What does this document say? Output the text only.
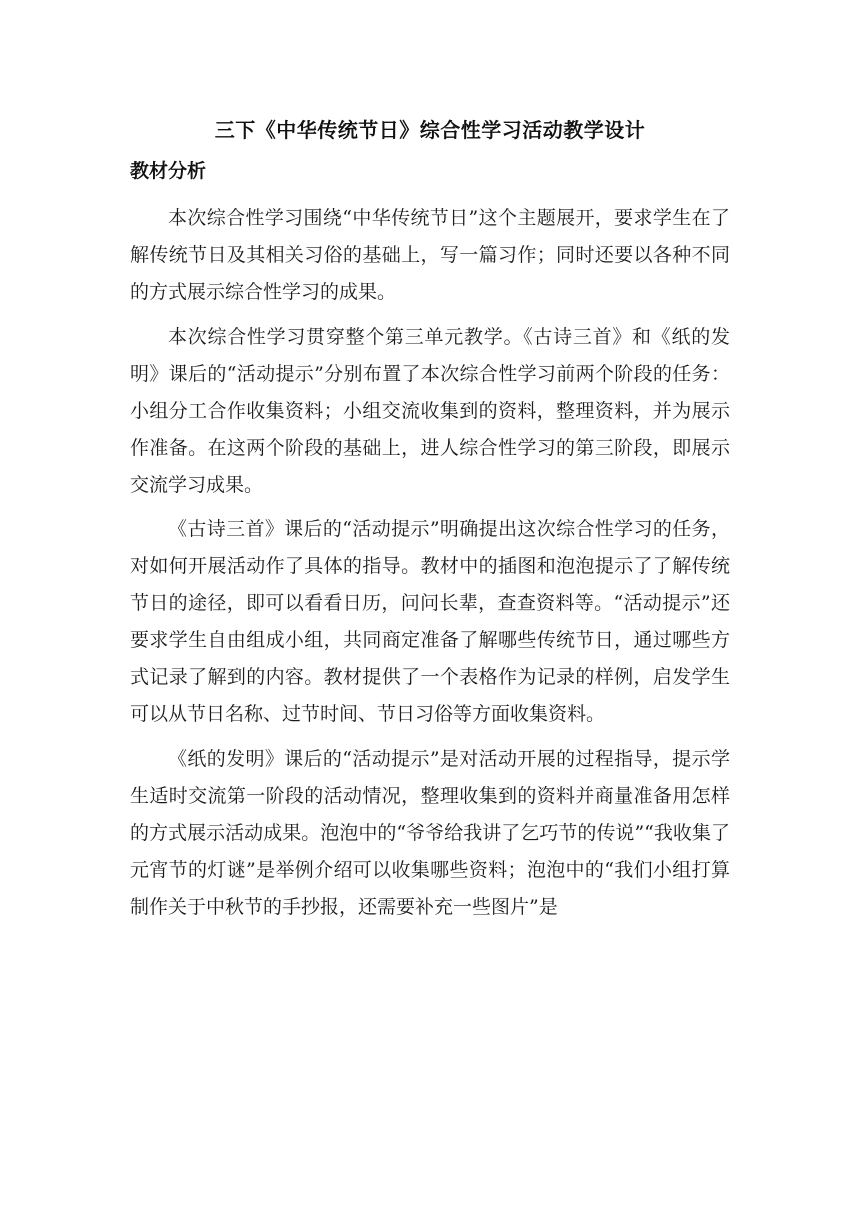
三下《中华传统节日》综合性学习活动教学设计
教材分析

本次综合性学习围绕“中华传统节日”这个主题展开，要求学生在了解传统节日及其相关习俗的基础上，写一篇习作；同时还要以各种不同的方式展示综合性学习的成果。

本次综合性学习贯穿整个第三单元教学。《古诗三首》和《纸的发明》课后的“活动提示”分别布置了本次综合性学习前两个阶段的任务：小组分工合作收集资料；小组交流收集到的资料，整理资料，并为展示作准备。在这两个阶段的基础上，进人综合性学习的第三阶段，即展示交流学习成果。

《古诗三首》课后的“活动提示”明确提出这次综合性学习的任务，对如何开展活动作了具体的指导。教材中的插图和泡泡提示了了解传统节日的途径，即可以看看日历，问问长辈，查查资料等。“活动提示”还要求学生自由组成小组，共同商定准备了解哪些传统节日，通过哪些方式记录了解到的内容。教材提供了一个表格作为记录的样例，启发学生可以从节日名称、过节时间、节日习俗等方面收集资料。

《纸的发明》课后的“活动提示”是对活动开展的过程指导，提示学生适时交流第一阶段的活动情况，整理收集到的资料并商量准备用怎样的方式展示活动成果。泡泡中的“爷爷给我讲了乞巧节的传说”“我收集了元宵节的灯谜”是举例介绍可以收集哪些资料；泡泡中的“我们小组打算制作关于中秋节的手抄报，还需要补充一些图片”是
